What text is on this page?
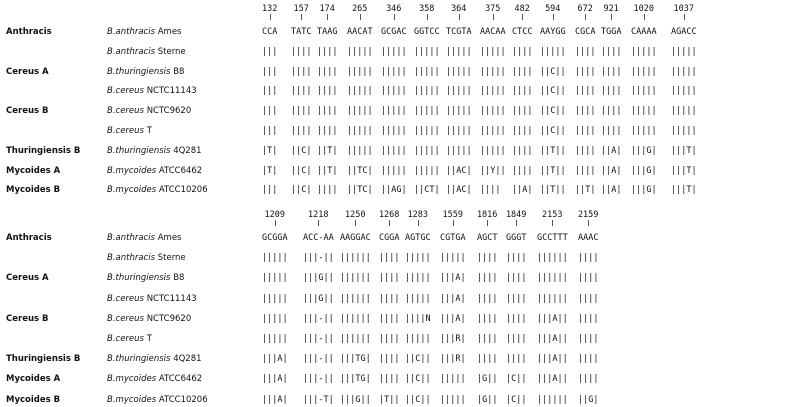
132	157	174	265	346	358	364	375	482	594	672	921	1020	1037
Anthracis	B.anthracis Ames	CCA TATC TAAG AACAT GCGAC GGTCC TCGTA AACAA CTCC AAYGG CGCA TGGA CAAAA AGACC
B.anthracis Sterne	||| |||| |||| ||||| ||||| ||||| ||||| ||||| |||| ||||| |||| |||| ||||| |||||
Cereus A	B.thuringiensis B8	||| |||| |||| ||||| ||||| ||||| ||||| ||||| |||| ||C|| |||| |||| ||||| |||||
B.cereus NCTC11143	||| |||| |||| ||||| ||||| ||||| ||||| ||||| |||| ||C|| |||| |||| ||||| |||||
Cereus B	B.cereus NCTC9620	||| |||| |||| ||||| ||||| ||||| ||||| ||||| |||| ||C|| |||| |||| ||||| |||||
B.cereus T	||| |||| |||| ||||| ||||| ||||| ||||| ||||| |||| ||C|| |||| |||| ||||| |||||
Thuringiensis B	B.thuringiensis 4Q281	|T| ||C| ||T| ||||| ||||| ||||| ||||| ||||| |||| ||T|| |||| ||A| |||G| |||T|
Mycoides A	B.mycoides ATCC6462	|T| ||C| ||T| ||TC| ||||| ||||| ||AC| ||Y|| |||| ||T|| |||| ||A| |||G| |||T|
Mycoides B	B.mycoides ATCC10206	||| ||C| |||| ||TC| ||AG| ||CT| ||AC| |||| ||A| ||T|| ||T| ||A| |||G| |||T|
1209	1218	1250	1268 1283	1559	1816	1849	2153	2159
Anthracis	B.anthracis Ames	GCGGA ACC-AA AAGGAC CGGA AGTGC CGTGA AGCT GGGT GCCTTT AAAC
B.anthracis Sterne	||||| |||-|| |||||| |||| ||||| ||||| |||| |||| |||||| ||||
Cereus A	B.thuringiensis B8	||||| |||G|| |||||| |||| ||||| |||A| |||| |||| |||||| ||||
B.cereus NCTC11143	||||| |||G|| |||||| |||| ||||| |||A| |||| |||| |||||| ||||
Cereus B	B.cereus NCTC9620	||||| |||-|| |||||| |||| ||||N |||A| |||| |||| |||A|| ||||
B.cereus T	||||| |||-|| |||||| |||| ||||| |||R| |||| |||| |||A|| ||||
Thuringiensis B	B.thuringiensis 4Q281	|||A| |||-|| |||TG| |||| ||C|| |||R| |||| |||| |||A|| ||||
Mycoides A	B.mycoides ATCC6462	|||A| |||-|| |||TG| |||| ||C|| ||||| |G|| |C|| |||A|| ||||
Mycoides B	B.mycoides ATCC10206	|||A| |||-T| |||G|| |T|| ||C|| ||||| |G|| |C|| |||||| ||G|
